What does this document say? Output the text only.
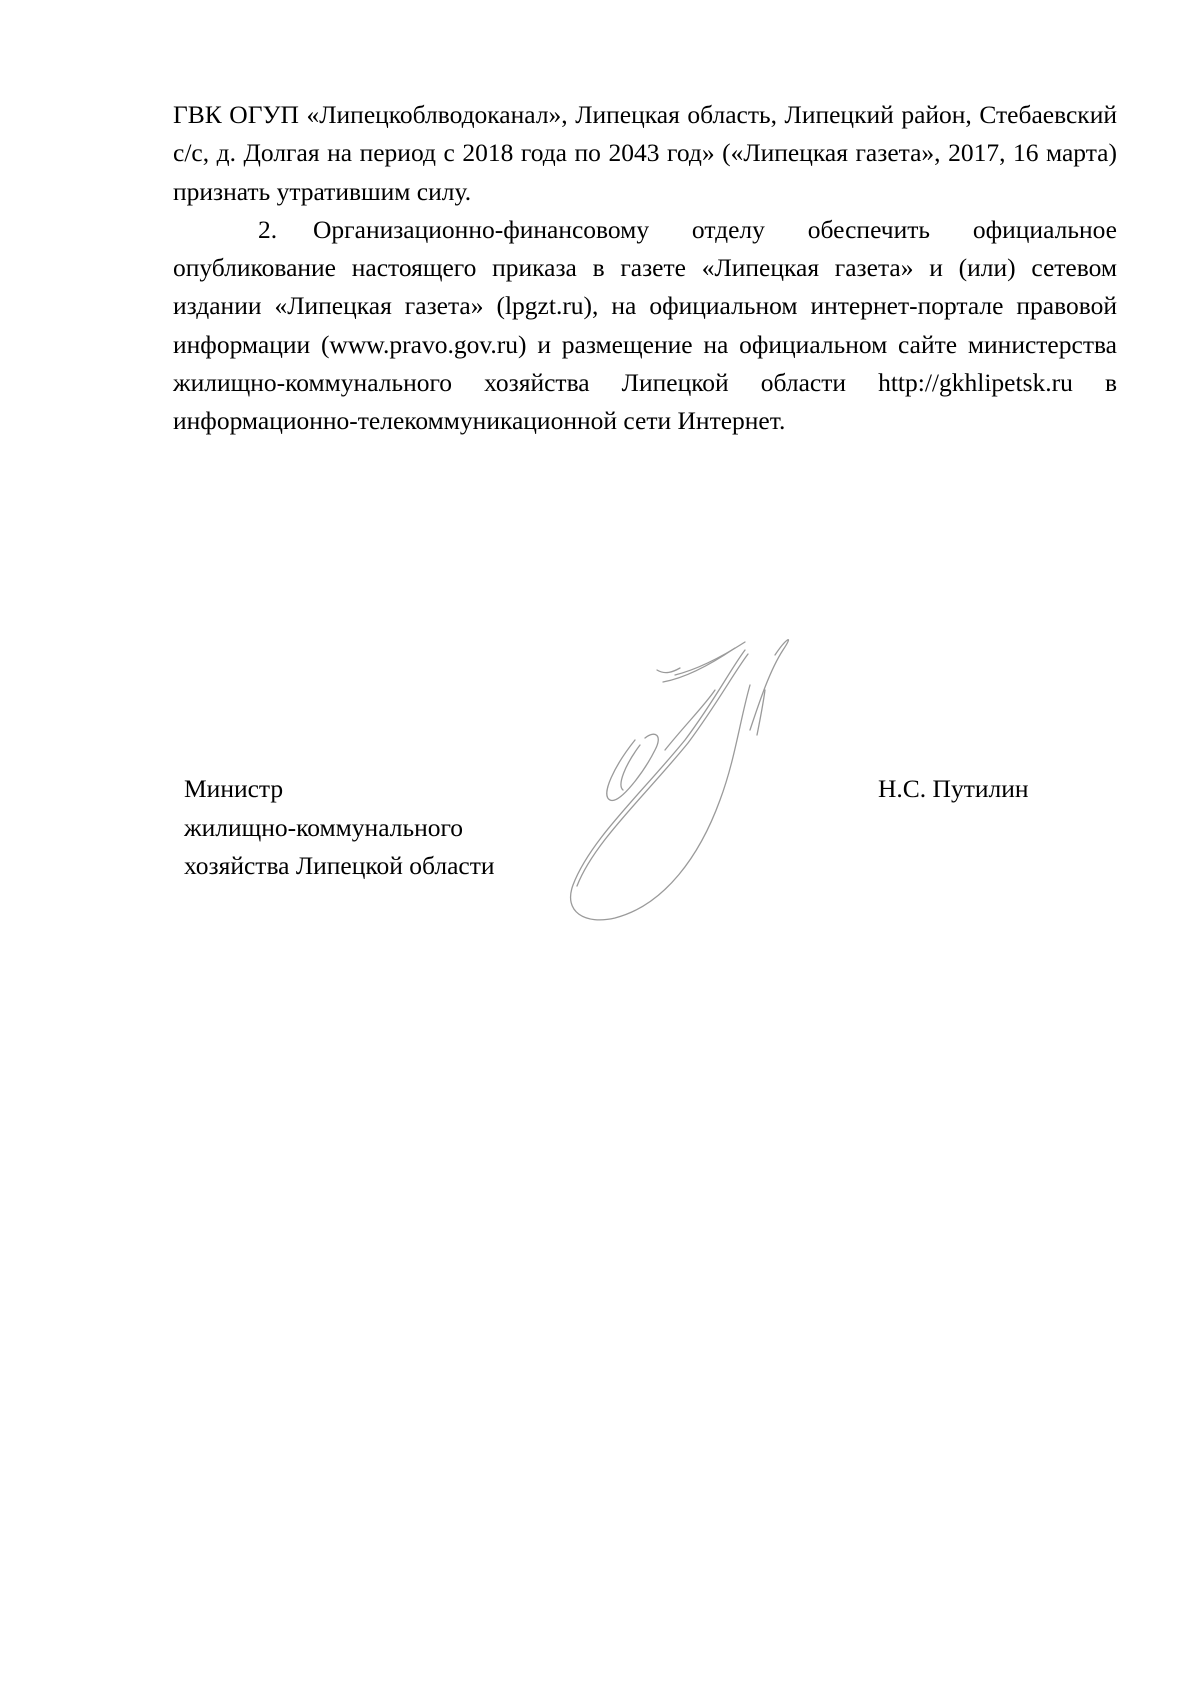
ГВК ОГУП «Липецкоблводоканал», Липецкая область, Липецкий район, Стебаевский с/с, д. Долгая на период с 2018 года по 2043 год» («Липецкая газета», 2017, 16 марта) признать утратившим силу.

2. Организационно-финансовому отделу обеспечить официальное опубликование настоящего приказа в газете «Липецкая газета» и (или) сетевом издании «Липецкая газета» (lpgzt.ru), на официальном интернет-портале правовой информации (www.pravo.gov.ru) и размещение на официальном сайте министерства жилищно-коммунального хозяйства Липецкой области http://gkhlipetsk.ru в информационно-телекоммуникационной сети Интернет.

Министр
жилищно-коммунального
хозяйства Липецкой области
Н.С. Путилин
